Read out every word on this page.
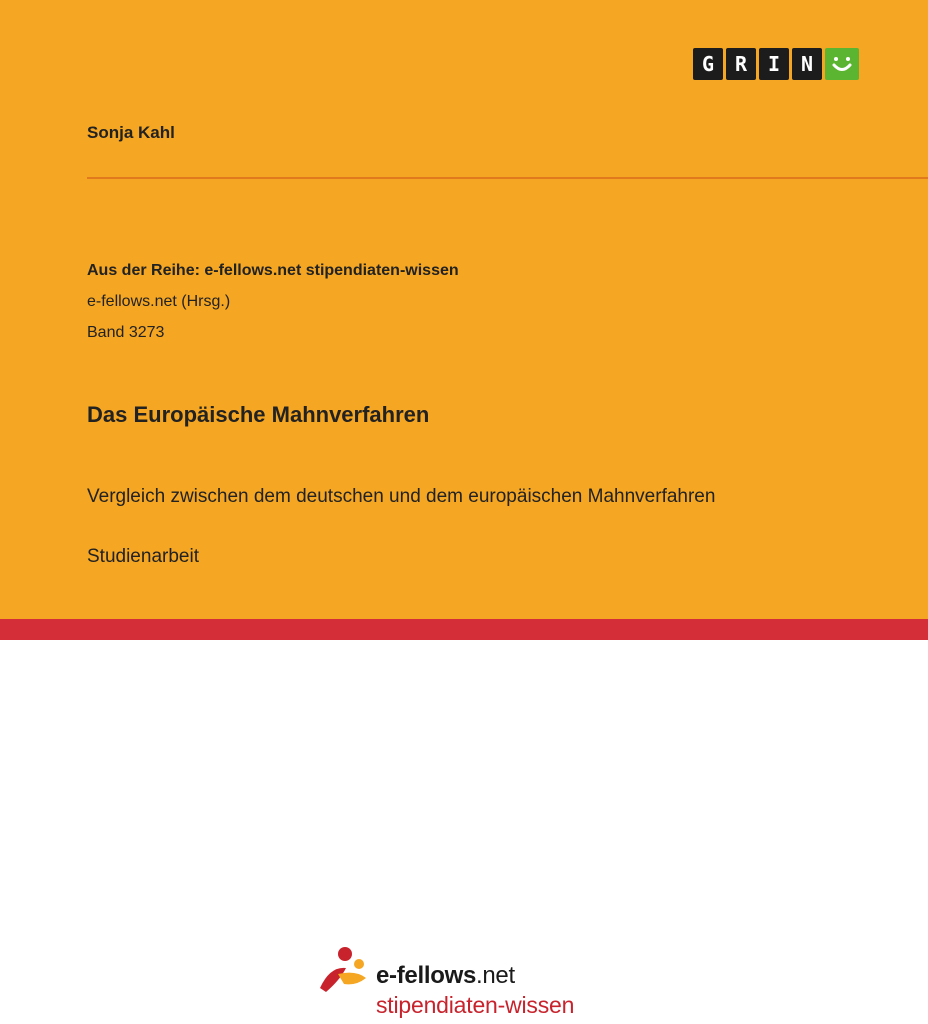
G	R	I	N
Sonja Kahl
Aus der Reihe: e-fellows.net stipendiaten-wissen
e-fellows.net (Hrsg.)
Band 3273
Das Europäische Mahnverfahren
Vergleich zwischen dem deutschen und dem europäischen Mahnverfahren
Studienarbeit
e-fellows.net
stipendiaten-wissen
